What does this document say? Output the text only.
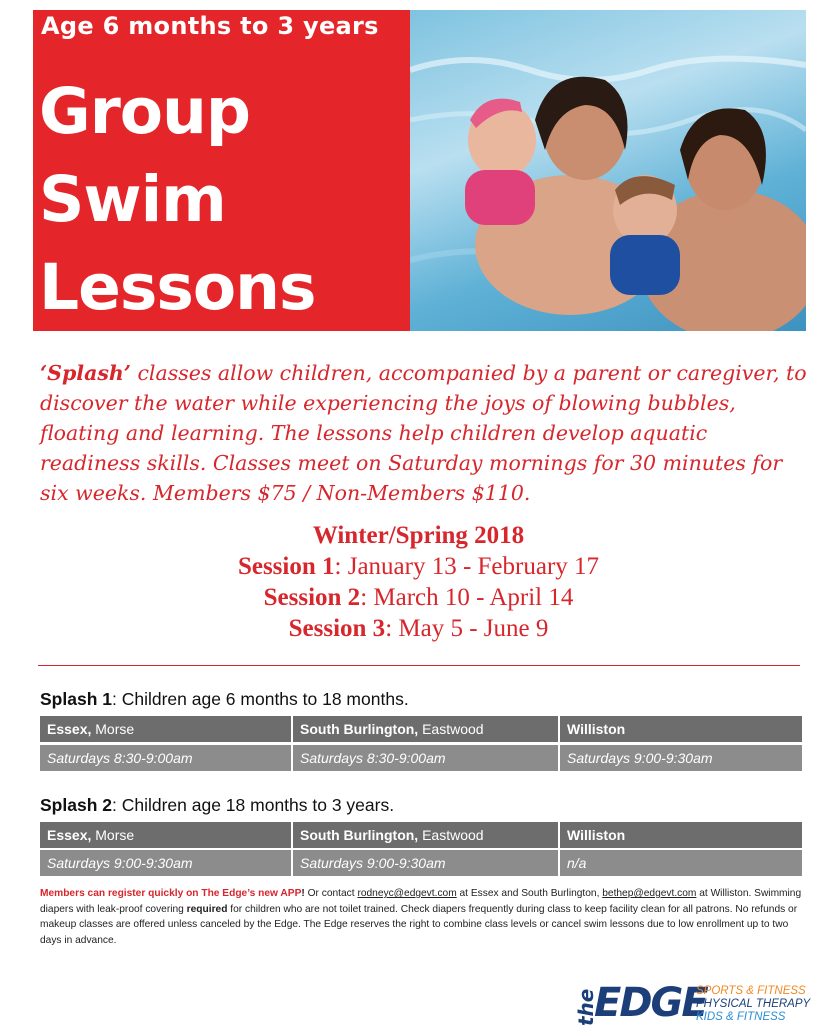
Age 6 months to 3 years
Group
Swim
Lessons
‘Splash’ classes allow children, accompanied by a parent or caregiver, to discover the water while experiencing the joys of blowing bubbles, floating and learning. The lessons help children develop aquatic readiness skills. Classes meet on Saturday mornings for 30 minutes for six weeks. Members $75 / Non-Members $110.
Winter/Spring 2018
Session 1: January 13 - February 17
Session 2: March 10 - April 14
Session 3: May 5 - June 9
Splash 1: Children age 6 months to 18 months.
Essex, Morse	South Burlington, Eastwood	Williston
Saturdays 8:30-9:00am	Saturdays 8:30-9:00am	Saturdays 9:00-9:30am
Splash 2: Children age 18 months to 3 years.
Essex, Morse	South Burlington, Eastwood	Williston
Saturdays 9:00-9:30am	Saturdays 9:00-9:30am	n/a
Members can register quickly on The Edge’s new APP! Or contact rodneyc@edgevt.com at Essex and South Burlington, bethep@edgevt.com at Williston. Swimming diapers with leak-proof covering required for children who are not toilet trained. Check diapers frequently during class to keep facility clean for all patrons. No refunds or makeup classes are offered unless canceled by the Edge. The Edge reserves the right to combine class levels or cancel swim lessons due to low enrollment up to two days in advance.
the
EDGE
SPORTS & FITNESS
PHYSICAL THERAPY
KIDS & FITNESS
